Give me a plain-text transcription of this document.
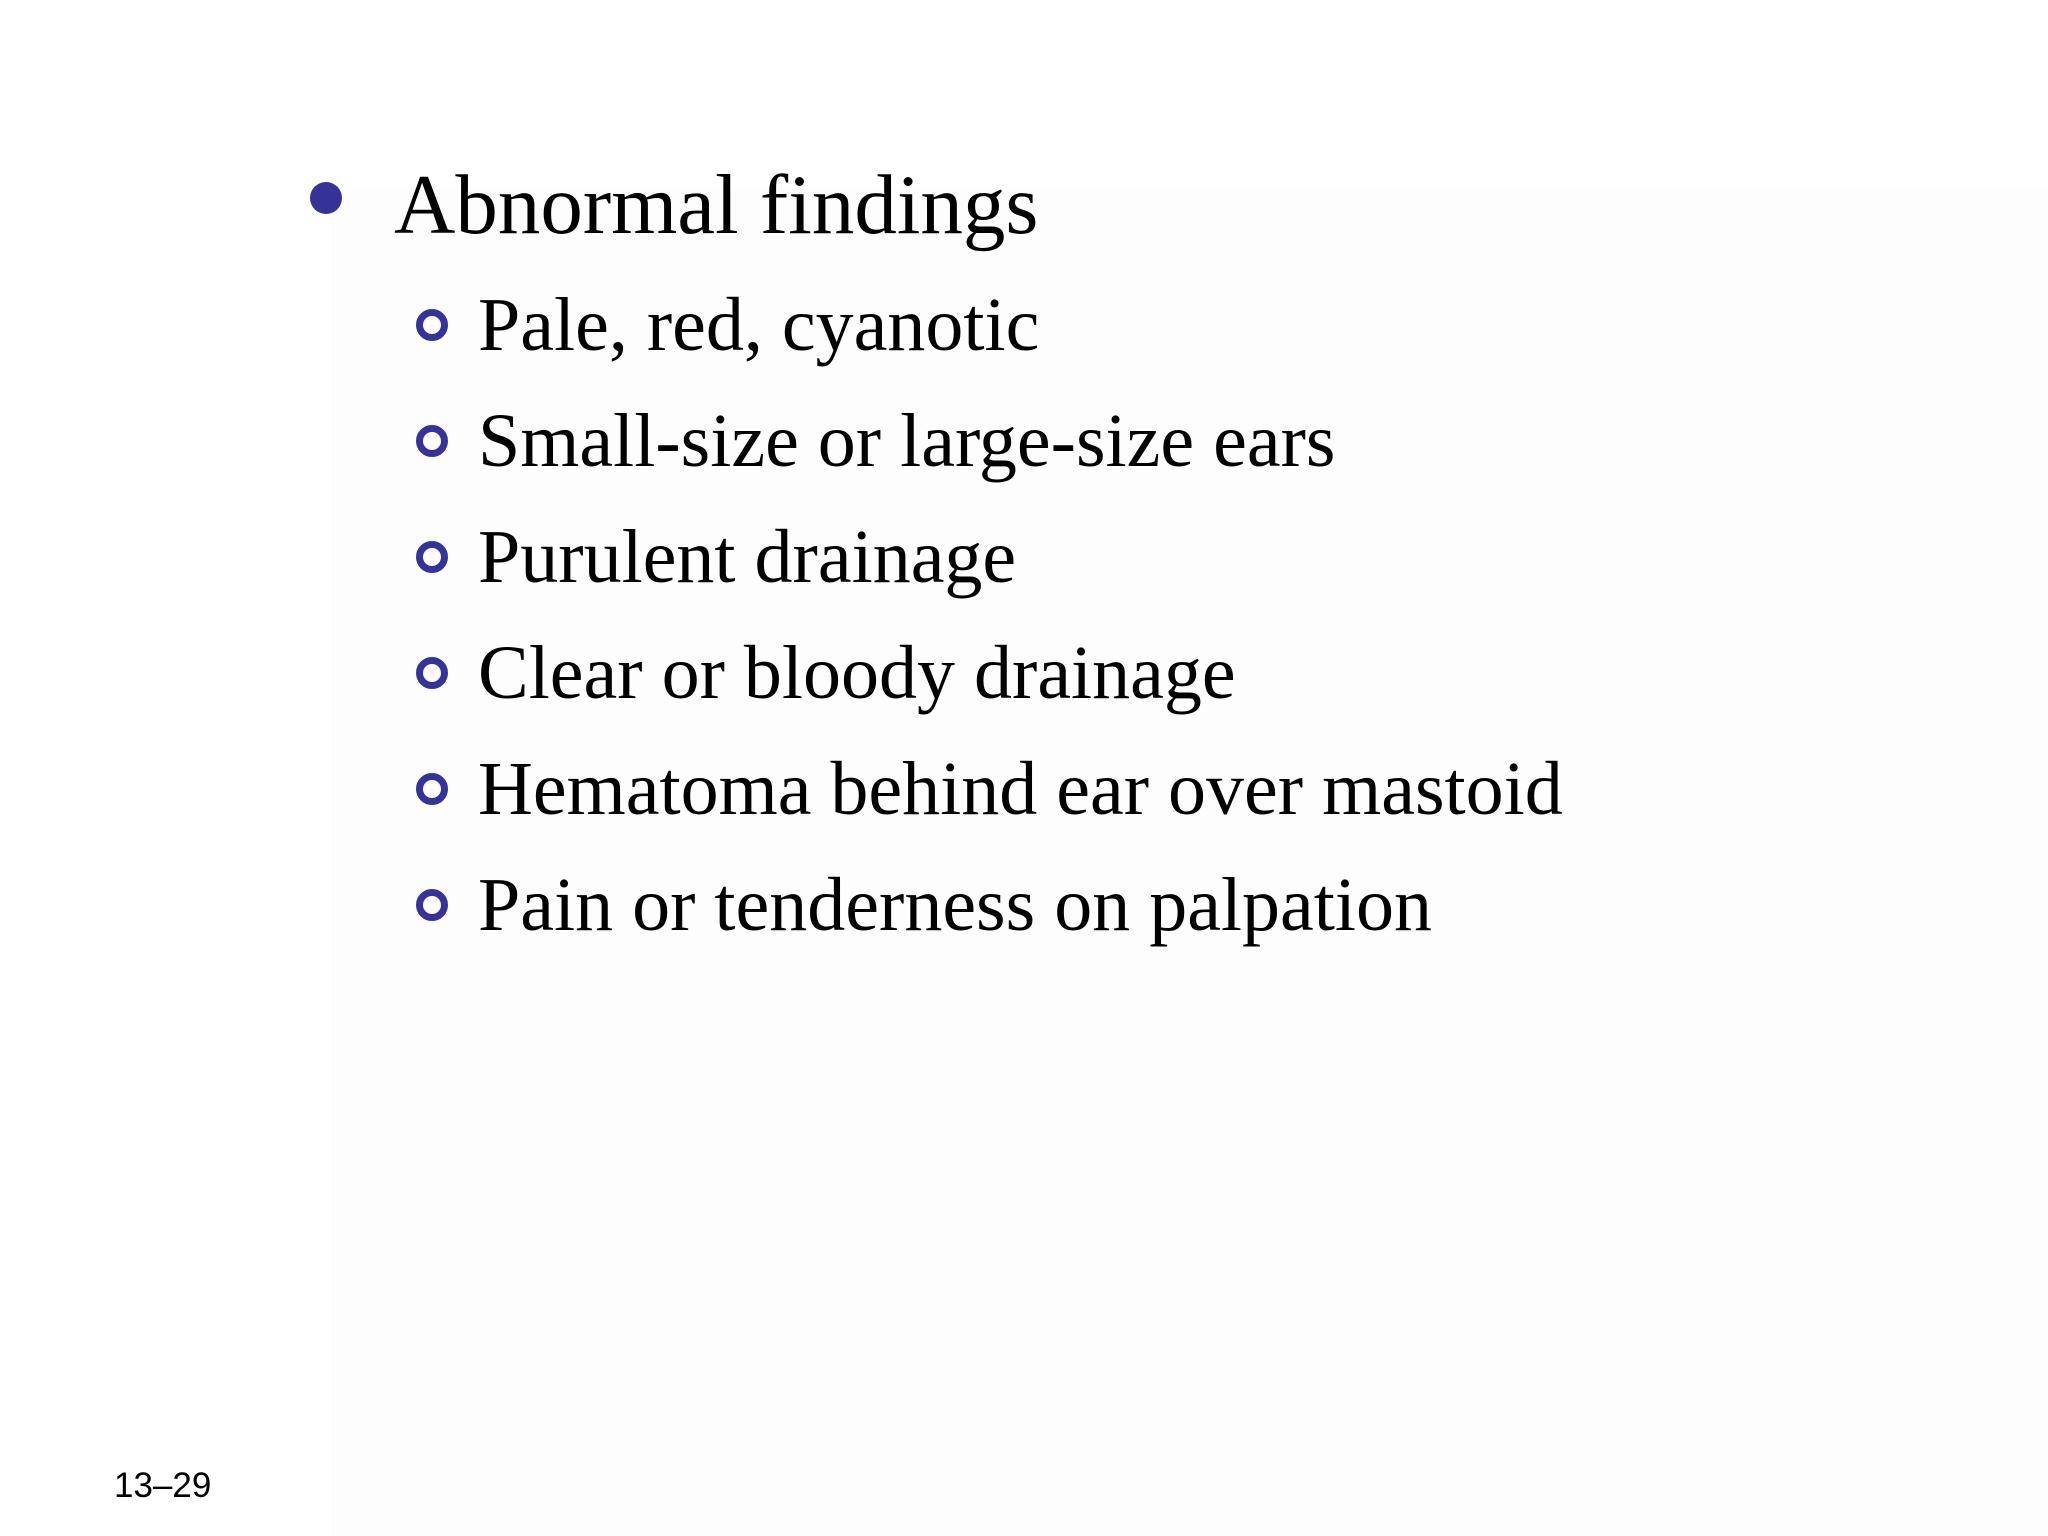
Abnormal findings
Pale, red, cyanotic
Small-size or large-size ears
Purulent drainage
Clear or bloody drainage
Hematoma behind ear over mastoid
Pain or tenderness on palpation
13–29
